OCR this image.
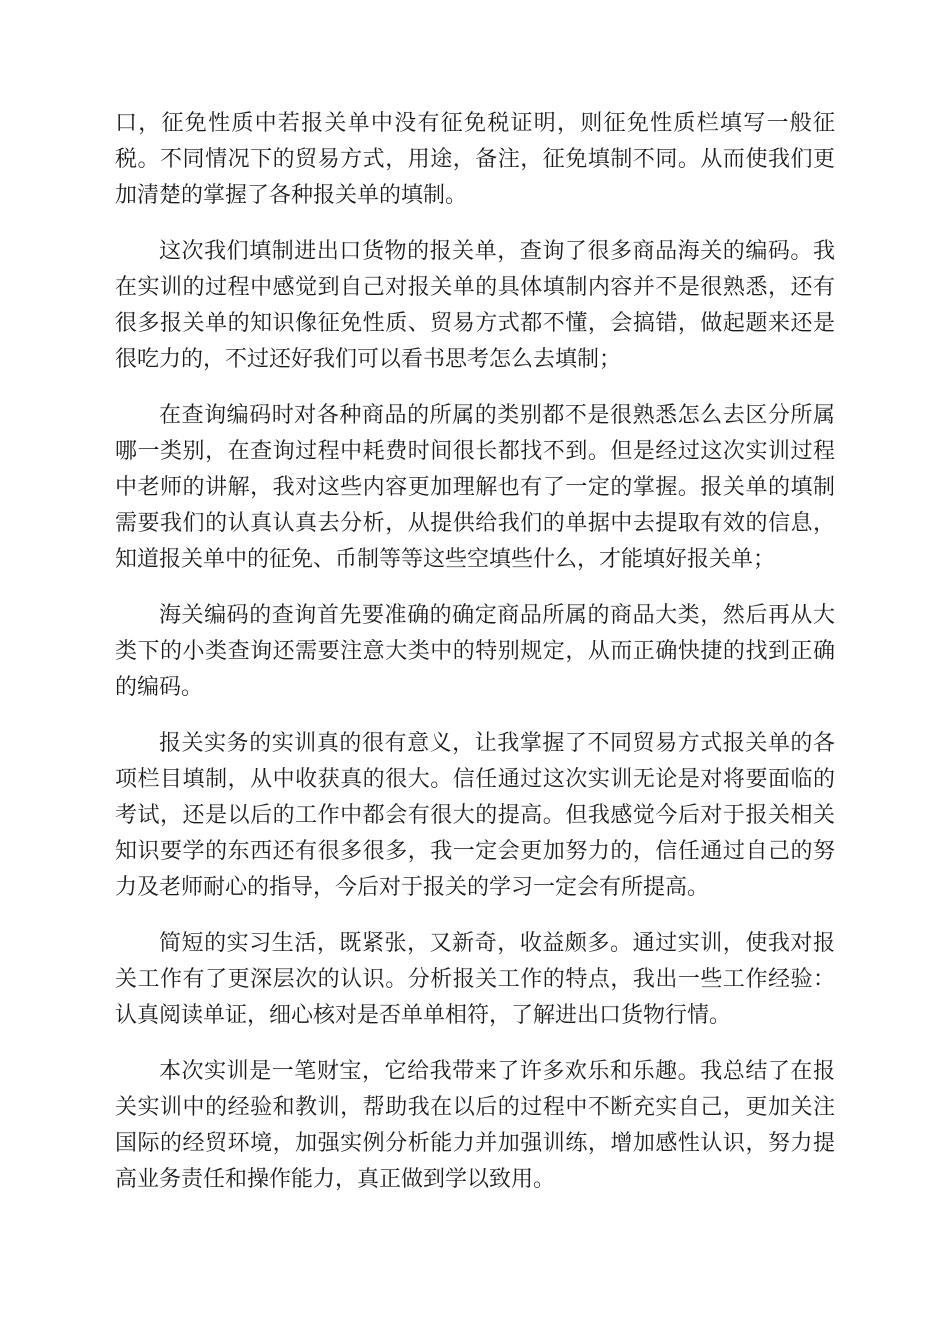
口，征免性质中若报关单中没有征免税证明，则征免性质栏填写一般征税。不同情况下的贸易方式，用途，备注，征免填制不同。从而使我们更加清楚的掌握了各种报关单的填制。

这次我们填制进出口货物的报关单，查询了很多商品海关的编码。我在实训的过程中感觉到自己对报关单的具体填制内容并不是很熟悉，还有很多报关单的知识像征免性质、贸易方式都不懂，会搞错，做起题来还是很吃力的，不过还好我们可以看书思考怎么去填制；

在查询编码时对各种商品的所属的类别都不是很熟悉怎么去区分所属哪一类别，在查询过程中耗费时间很长都找不到。但是经过这次实训过程中老师的讲解，我对这些内容更加理解也有了一定的掌握。报关单的填制需要我们的认真认真去分析，从提供给我们的单据中去提取有效的信息，知道报关单中的征免、币制等等这些空填些什么，才能填好报关单；

海关编码的查询首先要准确的确定商品所属的商品大类，然后再从大类下的小类查询还需要注意大类中的特别规定，从而正确快捷的找到正确的编码。

报关实务的实训真的很有意义，让我掌握了不同贸易方式报关单的各项栏目填制，从中收获真的很大。信任通过这次实训无论是对将要面临的考试，还是以后的工作中都会有很大的提高。但我感觉今后对于报关相关知识要学的东西还有很多很多，我一定会更加努力的，信任通过自己的努力及老师耐心的指导，今后对于报关的学习一定会有所提高。

简短的实习生活，既紧张，又新奇，收益颇多。通过实训，使我对报关工作有了更深层次的认识。分析报关工作的特点，我出一些工作经验：认真阅读单证，细心核对是否单单相符，了解进出口货物行情。

本次实训是一笔财宝，它给我带来了许多欢乐和乐趣。我总结了在报关实训中的经验和教训，帮助我在以后的过程中不断充实自己，更加关注国际的经贸环境，加强实例分析能力并加强训练，增加感性认识，努力提高业务责任和操作能力，真正做到学以致用。
